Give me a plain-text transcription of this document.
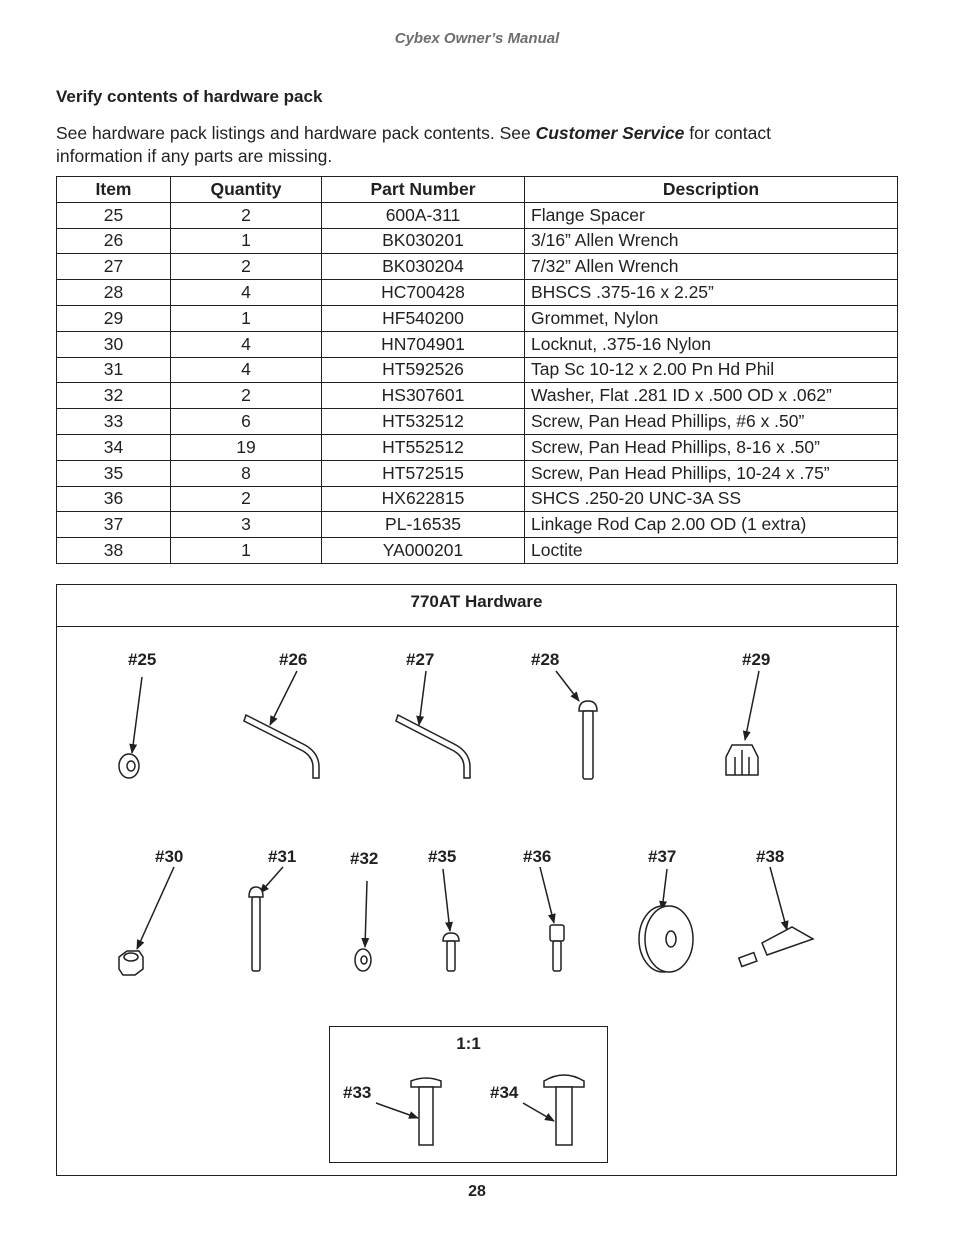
Cybex Owner’s Manual
Verify contents of hardware pack
See hardware pack listings and hardware pack contents. See Customer Service for contact information if any parts are missing.
Item	Quantity	Part Number	Description
25	2	600A-311	Flange Spacer
26	1	BK030201	3/16” Allen Wrench
27	2	BK030204	7/32” Allen Wrench
28	4	HC700428	BHSCS .375-16 x 2.25”
29	1	HF540200	Grommet, Nylon
30	4	HN704901	Locknut, .375-16 Nylon
31	4	HT592526	Tap Sc 10-12 x 2.00 Pn Hd Phil
32	2	HS307601	Washer, Flat .281 ID x .500 OD x .062”
33	6	HT532512	Screw, Pan Head Phillips, #6 x .50”
34	19	HT552512	Screw, Pan Head Phillips, 8-16 x .50”
35	8	HT572515	Screw, Pan Head Phillips, 10-24 x .75”
36	2	HX622815	SHCS .250-20 UNC-3A SS
37	3	PL-16535	Linkage Rod Cap 2.00 OD (1 extra)
38	1	YA000201	Loctite
770AT Hardware
#25	#26	#27	#28	#29
#30	#31	#32	#35	#36	#37	#38
1:1
#33	#34
28
